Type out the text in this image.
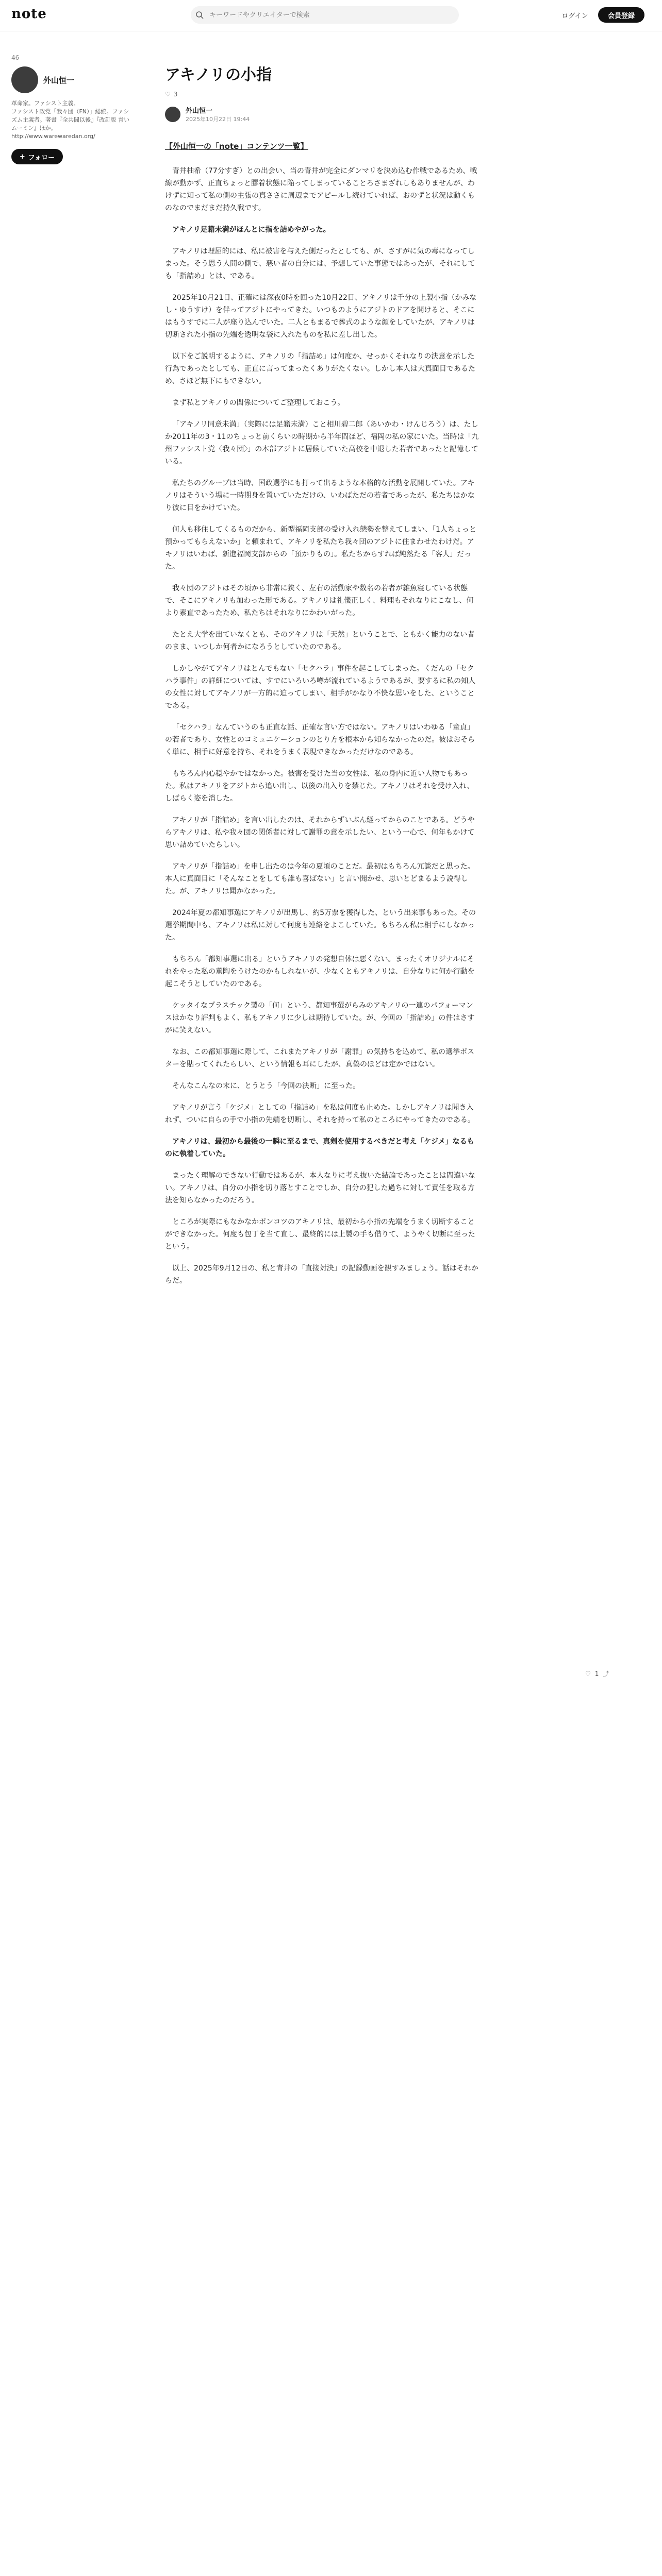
note
キーワードやクリエイターで検索	ログイン	会員登録
46
外山恒一
革命家。ファシスト主義。
ファシスト政党「我々団（FN）」総統。ファシズム主義者。著書『全共闘以後』『改訂版 青いムーミン』ほか。
http://www.warewaredan.org/
+ フォロー
アキノリの小指
♡ 3
外山恒一
2025年10月22日 19:44
【外山恒一の「note」コンテンツ一覧】

青井柚希（77分すぎ）との出会い、当の青井が完全にダンマリを決め込む作戦であるため、戦線が動かず、正直ちょっと膠着状態に陥ってしまっていることろさまざれしもありませんが、わけずに知って私の側の主張の真ささに周辺までアピールし続けていれば、おのずと状況は動くものなのでまだまだ持久戦です。

アキノリ足籍未満がほんとに指を詰めやがった。

アキノリは理屈的には、私に被害を与えた側だったとしても、が、さすがに気の毒になってしまった。そう思う人間の側で、悪い者の自分には、予想していた事態ではあったが、それにしても「指詰め」とは、である。

2025年10月21日、正確には深夜0時を回った10月22日、アキノリは千分の上製小指（かみなし・ゆうすけ）を伴ってアジトにやってきた。いつものようにアジトのドアを開けると、そこにはもうすでに二人が座り込んでいた。二人ともまるで葬式のような顔をしていたが、アキノリは切断された小指の先端を透明な袋に入れたものを私に差し出した。

以下をご説明するように、アキノリの「指詰め」は何度か、せっかくそれなりの決意を示した行為であったとしても、正直に言ってまったくありがたくない。しかし本人は大真面目であるため、さほど無下にもできない。

まず私とアキノリの関係についてご整理しておこう。

「アキノリ同意未満」（実際には足籍未満）こと相川碧二郎（あいかわ・けんじろう）は、たしか2011年の3・11のちょっと前くらいの時期から半年間ほど、福岡の私の家にいた。当時は「九州ファシスト党〈我々団〉」の本部アジトに居候していた高校を中退した若者であったと記憶している。

私たちのグループは当時、国政選挙にも打って出るような本格的な活動を展開していた。アキノリはそういう場に一時期身を置いていただけの、いわばただの若者であったが、私たちはかなり彼に目をかけていた。

何人も移住してくるものだから、新型福岡支部の受け入れ態勢を整えてしまい、「1人ちょっと預かってもらえないか」と頼まれて、アキノリを私たち我々団のアジトに住まわせたわけだ。アキノリはいわば、新進福岡支部からの「預かりもの」。私たちからすれば純然たる「客人」だった。

我々団のアジトはその頃から非常に狭く、左右の活動家や数名の若者が雑魚寝している状態で、そこにアキノリも加わった形である。アキノリは礼儀正しく、料理もそれなりにこなし、何より素直であったため、私たちはそれなりにかわいがった。

たとえ大学を出ていなくとも、そのアキノリは「天然」ということで、ともかく能力のない者のまま、いつしか何者かになろうとしていたのである。

しかしやがてアキノリはとんでもない「セクハラ」事件を起こしてしまった。くだんの「セクハラ事件」の詳細については、すでにいろいろ噂が流れているようであるが、要するに私の知人の女性に対してアキノリが一方的に迫ってしまい、相手がかなり不快な思いをした、ということである。

「セクハラ」なんていうのも正直な話、正確な言い方ではない。アキノリはいわゆる「童貞」の若者であり、女性とのコミュニケーションのとり方を根本から知らなかったのだ。彼はおそらく単に、相手に好意を持ち、それをうまく表現できなかっただけなのである。

もちろん内心穏やかではなかった。被害を受けた当の女性は、私の身内に近い人物でもあった。私はアキノリをアジトから追い出し、以後の出入りを禁じた。アキノリはそれを受け入れ、しばらく姿を消した。

アキノリが「指詰め」を言い出したのは、それからずいぶん経ってからのことである。どうやらアキノリは、私や我々団の関係者に対して謝罪の意を示したい、という一心で、何年もかけて思い詰めていたらしい。

アキノリが「指詰め」を申し出たのは今年の夏頃のことだ。最初はもちろん冗談だと思った。本人に真面目に「そんなことをしても誰も喜ばない」と言い聞かせ、思いとどまるよう説得した。が、アキノリは聞かなかった。

2024年夏の都知事選にアキノリが出馬し、約5万票を獲得した、という出来事もあった。その選挙期間中も、アキノリは私に対して何度も連絡をよこしていた。もちろん私は相手にしなかった。

もちろん「都知事選に出る」というアキノリの発想自体は悪くない。まったくオリジナルにそれをやった私の薫陶をうけたのかもしれないが、少なくともアキノリは、自分なりに何か行動を起こそうとしていたのである。

ケッタイなプラスチック製の「何」という、都知事選がらみのアキノリの一連のパフォーマンスはかなり評判もよく、私もアキノリに少しは期待していた。が、今回の「指詰め」の件はさすがに笑えない。

なお、この都知事選に際して、これまたアキノリが「謝罪」の気持ちを込めて、私の選挙ポスターを貼ってくれたらしい、という情報も耳にしたが、真偽のほどは定かではない。

そんなこんなの末に、とうとう「今回の決断」に至った。

アキノリが言う「ケジメ」としての「指詰め」を私は何度も止めた。しかしアキノリは聞き入れず、ついに自らの手で小指の先端を切断し、それを持って私のところにやってきたのである。

アキノリは、最初から最後の一瞬に至るまで、真剣を使用するべきだと考え「ケジメ」なるものに執着していた。

まったく理解のできない行動ではあるが、本人なりに考え抜いた結論であったことは間違いない。アキノリは、自分の小指を切り落とすことでしか、自分の犯した過ちに対して責任を取る方法を知らなかったのだろう。

ところが実際にもなかなかポンコツのアキノリは、最初から小指の先端をうまく切断することができなかった。何度も包丁を当て直し、最終的には上製の手も借りて、ようやく切断に至ったという。

以上、2025年9月12日の、私と青井の「直接対決」の記録動画を観すみましょう。話はそれからだ。

♡ 1 ⤴
